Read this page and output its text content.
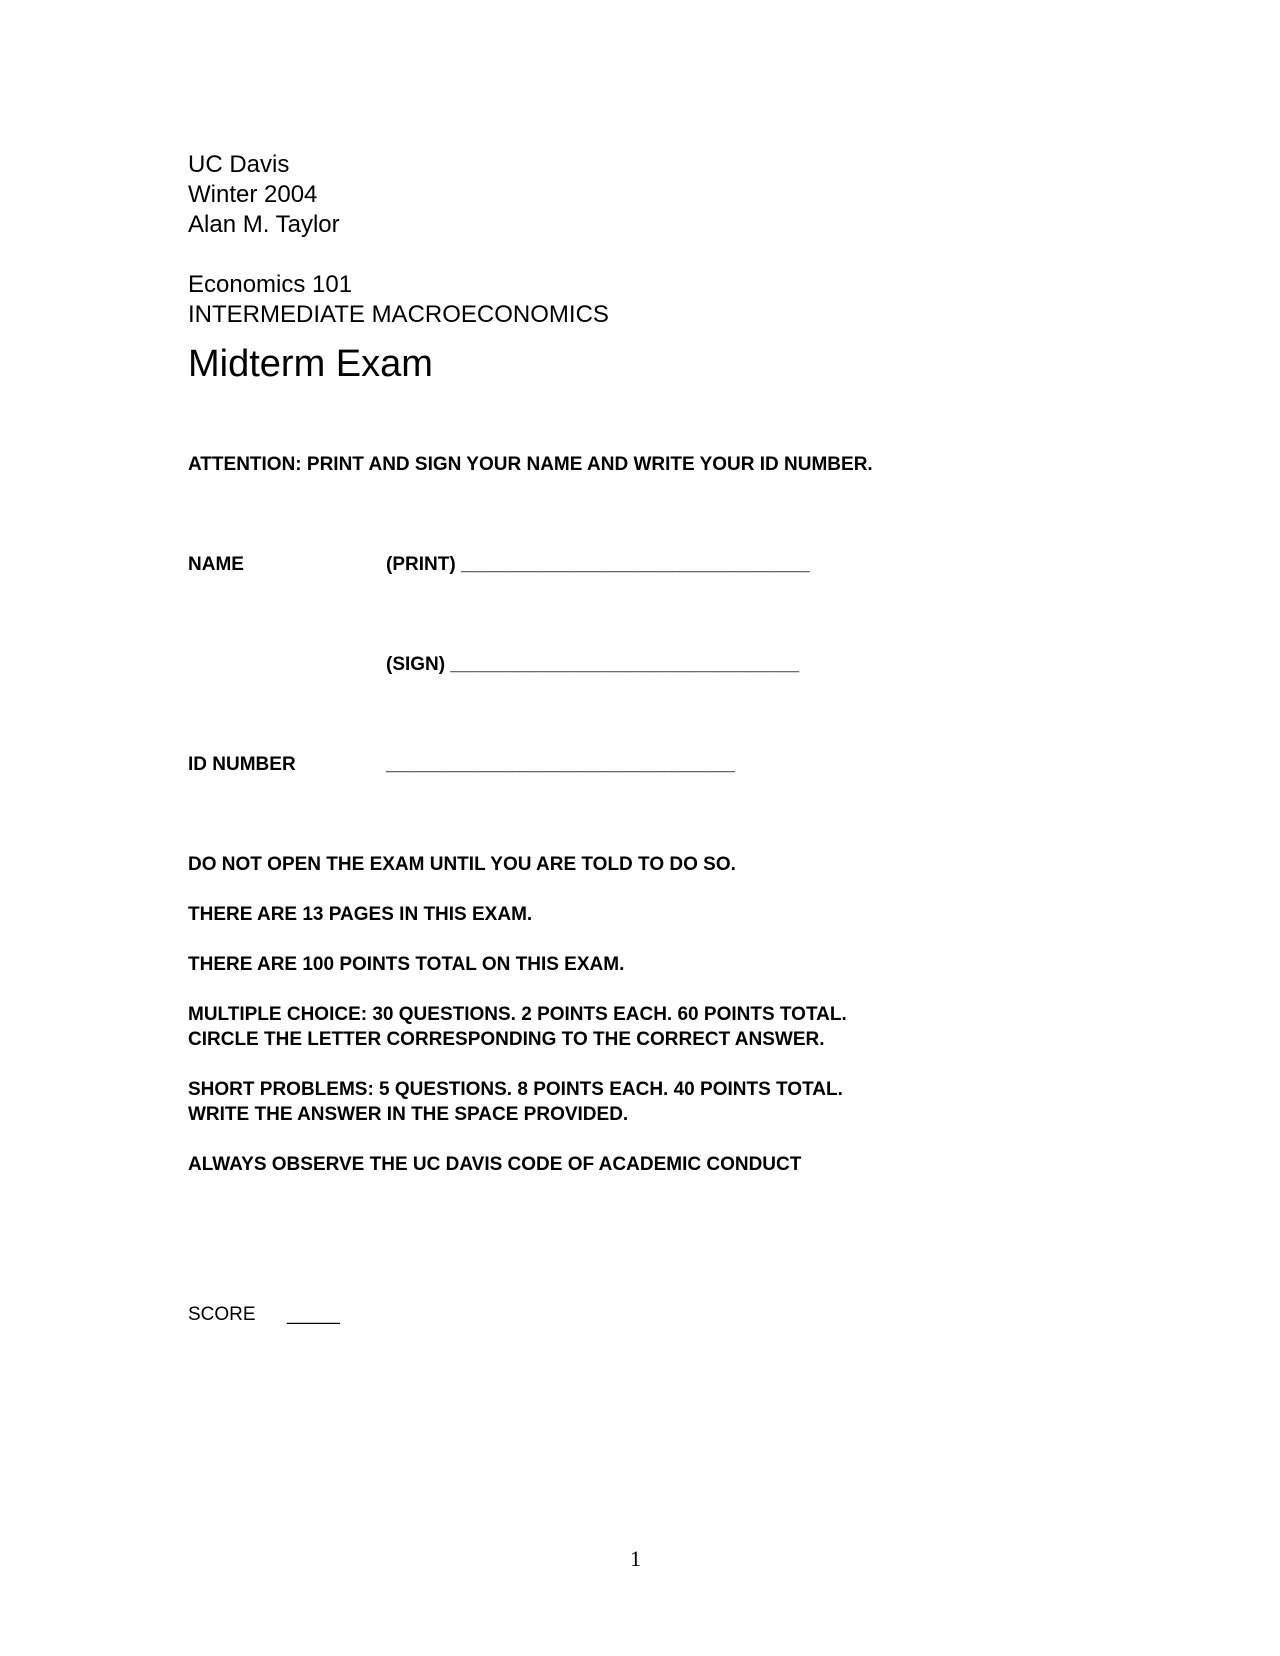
UC Davis
Winter 2004
Alan M. Taylor
Economics 101
INTERMEDIATE MACROECONOMICS
Midterm Exam
ATTENTION: PRINT AND SIGN YOUR NAME AND WRITE YOUR ID NUMBER.
NAME	(PRINT) _________________________________
(SIGN) _________________________________
ID NUMBER	_________________________________
DO NOT OPEN THE EXAM UNTIL YOU ARE TOLD TO DO SO.
THERE ARE 13 PAGES IN THIS EXAM.
THERE ARE 100 POINTS TOTAL ON THIS EXAM.
MULTIPLE CHOICE: 30 QUESTIONS. 2 POINTS EACH. 60 POINTS TOTAL.
CIRCLE THE LETTER CORRESPONDING TO THE CORRECT ANSWER.
SHORT PROBLEMS: 5 QUESTIONS. 8 POINTS EACH. 40 POINTS TOTAL.
WRITE THE ANSWER IN THE SPACE PROVIDED.
ALWAYS OBSERVE THE UC DAVIS CODE OF ACADEMIC CONDUCT
SCORE _____
1
